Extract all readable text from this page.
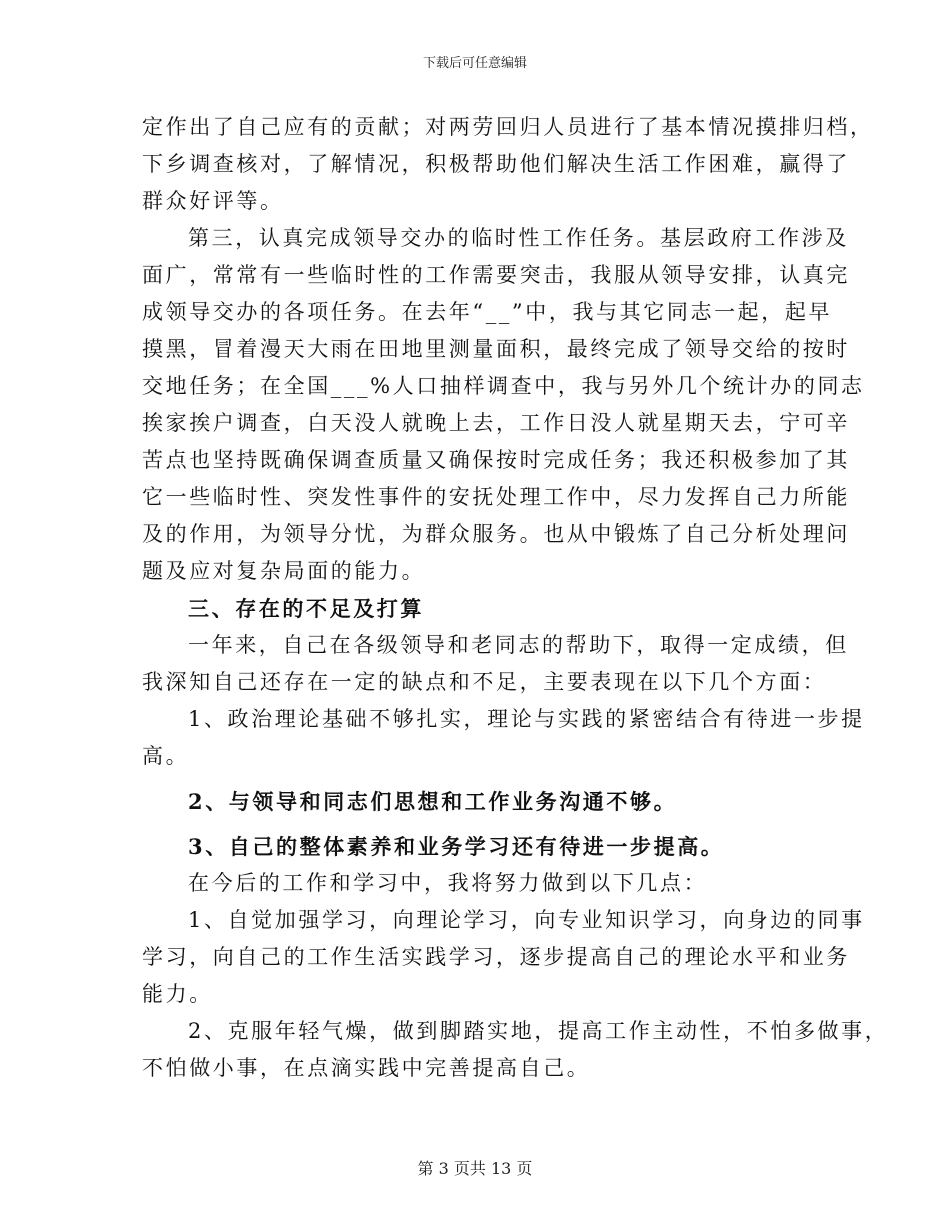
下载后可任意编辑
定作出了自己应有的贡献；对两劳回归人员进行了基本情况摸排归档，
下乡调查核对，了解情况，积极帮助他们解决生活工作困难，赢得了
群众好评等。
第三，认真完成领导交办的临时性工作任务。基层政府工作涉及
面广，常常有一些临时性的工作需要突击，我服从领导安排，认真完
成领导交办的各项任务。在去年“__”中，我与其它同志一起，起早
摸黑，冒着漫天大雨在田地里测量面积，最终完成了领导交给的按时
交地任务；在全国___%人口抽样调查中，我与另外几个统计办的同志
挨家挨户调查，白天没人就晚上去，工作日没人就星期天去，宁可辛
苦点也坚持既确保调查质量又确保按时完成任务；我还积极参加了其
它一些临时性、突发性事件的安抚处理工作中，尽力发挥自己力所能
及的作用，为领导分忧，为群众服务。也从中锻炼了自己分析处理问
题及应对复杂局面的能力。
三、存在的不足及打算
一年来，自己在各级领导和老同志的帮助下，取得一定成绩，但
我深知自己还存在一定的缺点和不足，主要表现在以下几个方面：
1、政治理论基础不够扎实，理论与实践的紧密结合有待进一步提
高。
2、与领导和同志们思想和工作业务沟通不够。
3、自己的整体素养和业务学习还有待进一步提高。
在今后的工作和学习中，我将努力做到以下几点：
1、自觉加强学习，向理论学习，向专业知识学习，向身边的同事
学习，向自己的工作生活实践学习，逐步提高自己的理论水平和业务
能力。
2、克服年轻气燥，做到脚踏实地，提高工作主动性，不怕多做事，
不怕做小事，在点滴实践中完善提高自己。
第 3 页共 13 页
